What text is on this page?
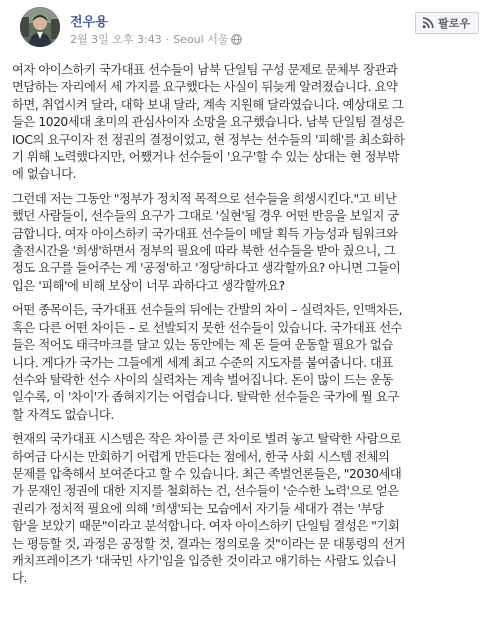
전우용
2월 3일 오후 3:43 · Seoul 서울
팔로우
여자 아이스하키 국가대표 선수들이 남북 단일팀 구성 문제로 문체부 장관과
면담하는 자리에서 세 가지를 요구했다는 사실이 뒤늦게 알려졌습니다. 요약
하면, 취업시켜 달라, 대학 보내 달라, 계속 지원해 달라였습니다. 예상대로 그
들은 1020세대 초미의 관심사이자 소망을 요구했습니다. 남북 단일팀 결성은
IOC의 요구이자 전 정권의 결정이었고, 현 정부는 선수들의 '피해'를 최소화하
기 위해 노력했다지만, 어쨌거나 선수들이 '요구'할 수 있는 상대는 현 정부밖
에 없습니다.
그런데 저는 그동안 "정부가 정치적 목적으로 선수들을 희생시킨다."고 비난
했던 사람들이, 선수들의 요구가 그대로 '실현'될 경우 어떤 반응을 보일지 궁
금합니다. 여자 아이스하키 국가대표 선수들이 메달 획득 가능성과 팀워크와
출전시간을 '희생'하면서 정부의 필요에 따라 북한 선수들을 받아 줬으니, 그
정도 요구를 들어주는 게 '공정'하고 '정당'하다고 생각할까요? 아니면 그들이
입은 '피해'에 비해 보상이 너무 과하다고 생각할까요?
어떤 종목이든, 국가대표 선수들의 뒤에는 간발의 차이 – 실력차든, 인맥차든,
혹은 다른 어떤 차이든 – 로 선발되지 못한 선수들이 있습니다. 국가대표 선수
들은 적어도 태극마크를 달고 있는 동안에는 제 돈 들여 운동할 필요가 없습
니다. 게다가 국가는 그들에게 세계 최고 수준의 지도자를 붙여줍니다. 대표
선수와 탈락한 선수 사이의 실력차는 계속 벌어집니다. 돈이 많이 드는 운동
일수록, 이 '차이'가 좁혀지기는 어렵습니다. 탈락한 선수들은 국가에 뭘 요구
할 자격도 없습니다.
현재의 국가대표 시스템은 작은 차이를 큰 차이로 벌려 놓고 탈락한 사람으로
하여금 다시는 만회하기 어렵게 만든다는 점에서, 한국 사회 시스템 전체의
문제를 압축해서 보여준다고 할 수 있습니다. 최근 족벌언론들은, "2030세대
가 문재인 정권에 대한 지지를 철회하는 건, 선수들이 '순수한 노력'으로 얻은
권리가 정치적 필요에 의해 '희생'되는 모습에서 자기들 세대가 겪는 '부당
함'을 보았기 때문"이라고 분석합니다. 여자 아이스하키 단일팀 결성은 "기회
는 평등할 것, 과정은 공정할 것, 결과는 정의로울 것"이라는 문 대통령의 선거
캐치프레이즈가 '대국민 사기'임을 입증한 것이라고 얘기하는 사람도 있습니
다.
